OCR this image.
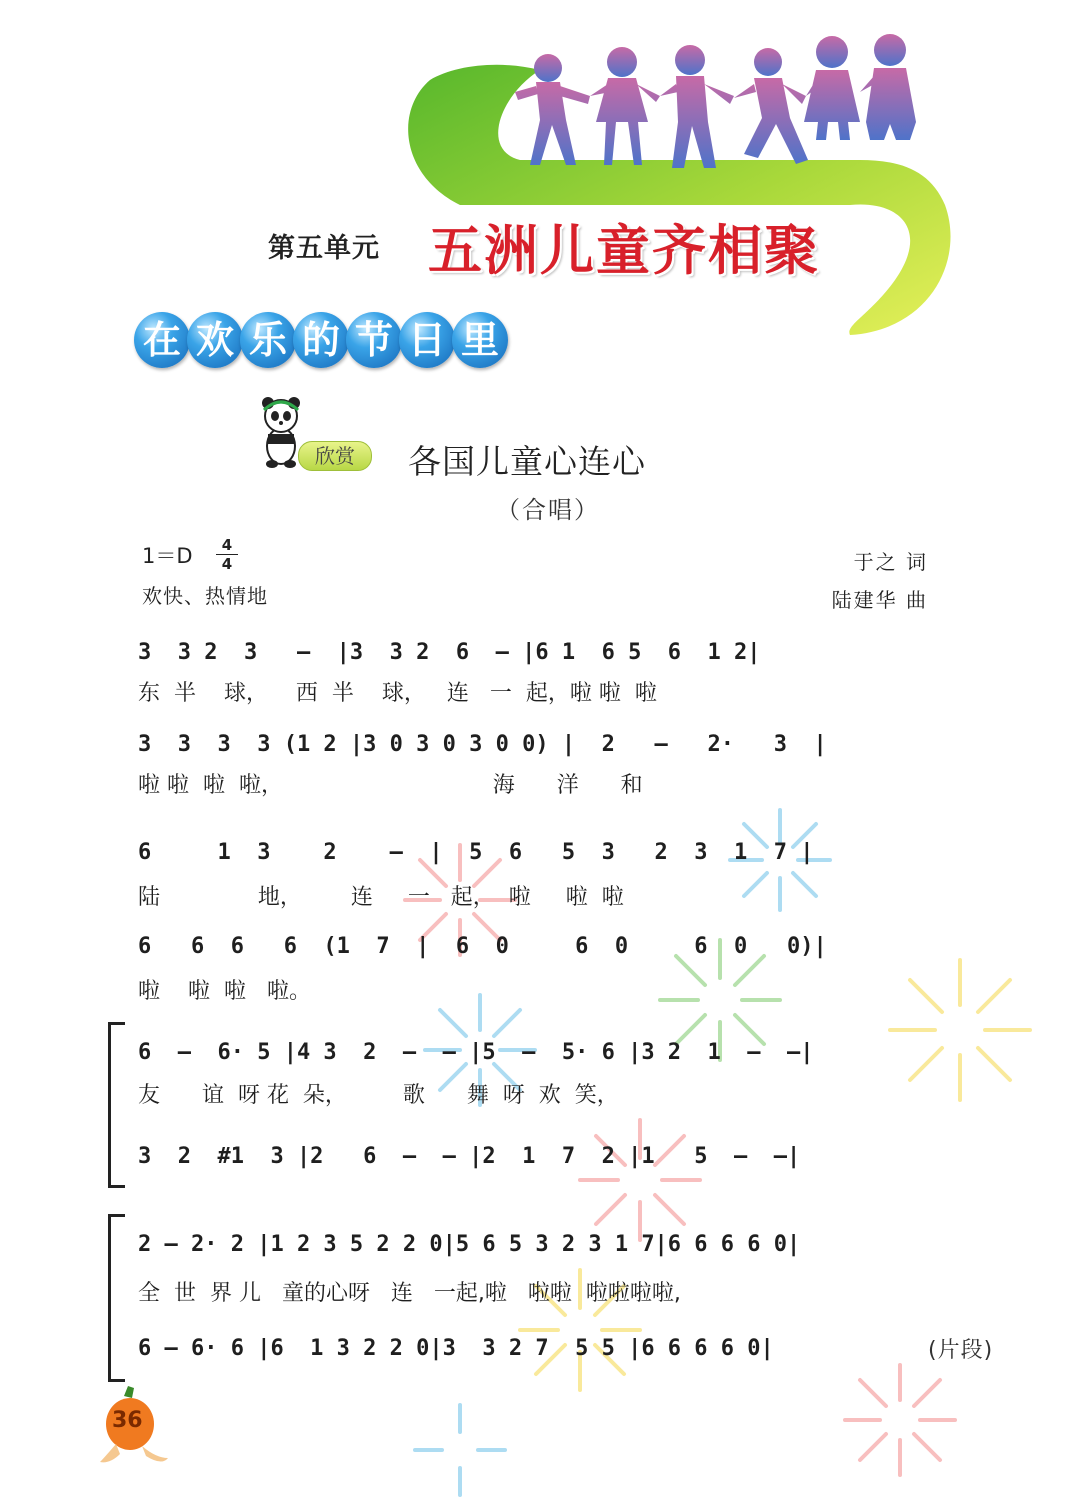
第五单元 五洲儿童齐相聚
在 欢 乐 的 节 日 里
欣赏	各国儿童心连心
（合唱）
$1=D \frac{4}{4}$
欢快、热情地
于之 词
陆建华 曲
3  3 2  3   –  |3  3 2  6  – |6 1  6 5  6  1 2|
东  半    球，    西  半    球，   连   一  起，啦 啦  啦
3  3  3  3 (1 2 |3 0 3 0 3 0 0) |  2   –   2·   3  |
啦 啦  啦  啦，                              海      洋      和
6     1  3    2    –  |  5  6   5  3   2  3  1  7 |
陆              地，       连     一   起，  啦     啦  啦
6   6  6   6  (1  7  |  6  0     6  0     6  0   0)|
啦    啦  啦   啦。
6  –  6· 5 |4 3  2  –  – |5  –  5· 6 |3 2  1  –  –|
友      谊  呀 花  朵，        歌      舞  呀  欢  笑，
3  2  #1  3 |2   6  –  – |2  1  7  2 |1   5  –  –|
2 – 2· 2 |1 2 3 5 2 2 0|5 6 5 3 2 3 1 7|6 6 6 6 0|
全  世  界 儿   童的心呀   连   一起,啦   啦啦  啦啦啦啦,
6 – 6· 6 |6  1 3 2 2 0|3  3 2 7  5 5 |6 6 6 6 0|	(片段)
36
